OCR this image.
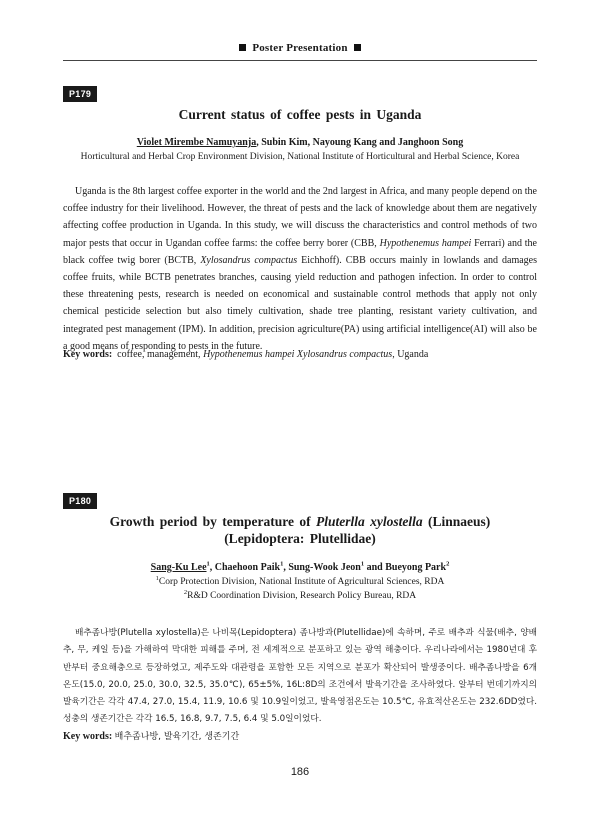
Poster Presentation
P179
Current status of coffee pests in Uganda
Violet Mirembe Namuyanja, Subin Kim, Nayoung Kang and Janghoon Song
Horticultural and Herbal Crop Environment Division, National Institute of Horticultural and Herbal Science, Korea
Uganda is the 8th largest coffee exporter in the world and the 2nd largest in Africa, and many people depend on the coffee industry for their livelihood. However, the threat of pests and the lack of knowledge about them are negatively affecting coffee production in Uganda. In this study, we will discuss the characteristics and control methods of two major pests that occur in Ugandan coffee farms: the coffee berry borer (CBB, Hypothenemus hampei Ferrari) and the black coffee twig borer (BCTB, Xylosandrus compactus Eichhoff). CBB occurs mainly in lowlands and damages coffee fruits, while BCTB penetrates branches, causing yield reduction and pathogen infection. In order to control these threatening pests, research is needed on economical and sustainable control methods that apply not only chemical pesticide selection but also timely cultivation, shade tree planting, resistant variety cultivation, and integrated pest management (IPM). In addition, precision agriculture(PA) using artificial intelligence(AI) will also be a good means of responding to pests in the future.
Key words: coffee, management, Hypothenemus hampei Xylosandrus compactus, Uganda
P180
Growth period by temperature of Pluterlla xylostella (Linnaeus)
(Lepidoptera: Plutellidae)
Sang-Ku Lee$^1$, Chaehoon Paik$^1$, Sung-Wook Jeon$^1$ and Bueyong Park$^2$
$^1$Corp Protection Division, National Institute of Agricultural Sciences, RDA
$^2$R&D Coordination Division, Research Policy Bureau, RDA
배추좀나방(Plutella xylostella)은 나비목(Lepidoptera) 좀나방과(Plutellidae)에 속하며, 주로 배추과 식물(배추, 양배추, 무, 케일 등)을 가해하여 막대한 피해를 주며, 전 세계적으로 분포하고 있는 광역 해충이다. 우리나라에서는 1980년대 후반부터 중요해충으로 등장하였고, 제주도와 대관령을 포함한 모든 지역으로 분포가 확산되어 발생중이다. 배추좀나방을 6개 온도(15.0, 20.0, 25.0, 30.0, 32.5, 35.0℃), 65±5%, 16L:8D의 조건에서 발육기간을 조사하였다. 알부터 번데기까지의 발육기간은 각각 47.4, 27.0, 15.4, 11.9, 10.6 및 10.9일이었고, 발육영점온도는 10.5℃, 유효적산온도는 232.6DD였다. 성충의 생존기간은 각각 16.5, 16.8, 9.7, 7.5, 6.4 및 5.0일이었다.
Key words: 배추좀나방, 발육기간, 생존기간
186
